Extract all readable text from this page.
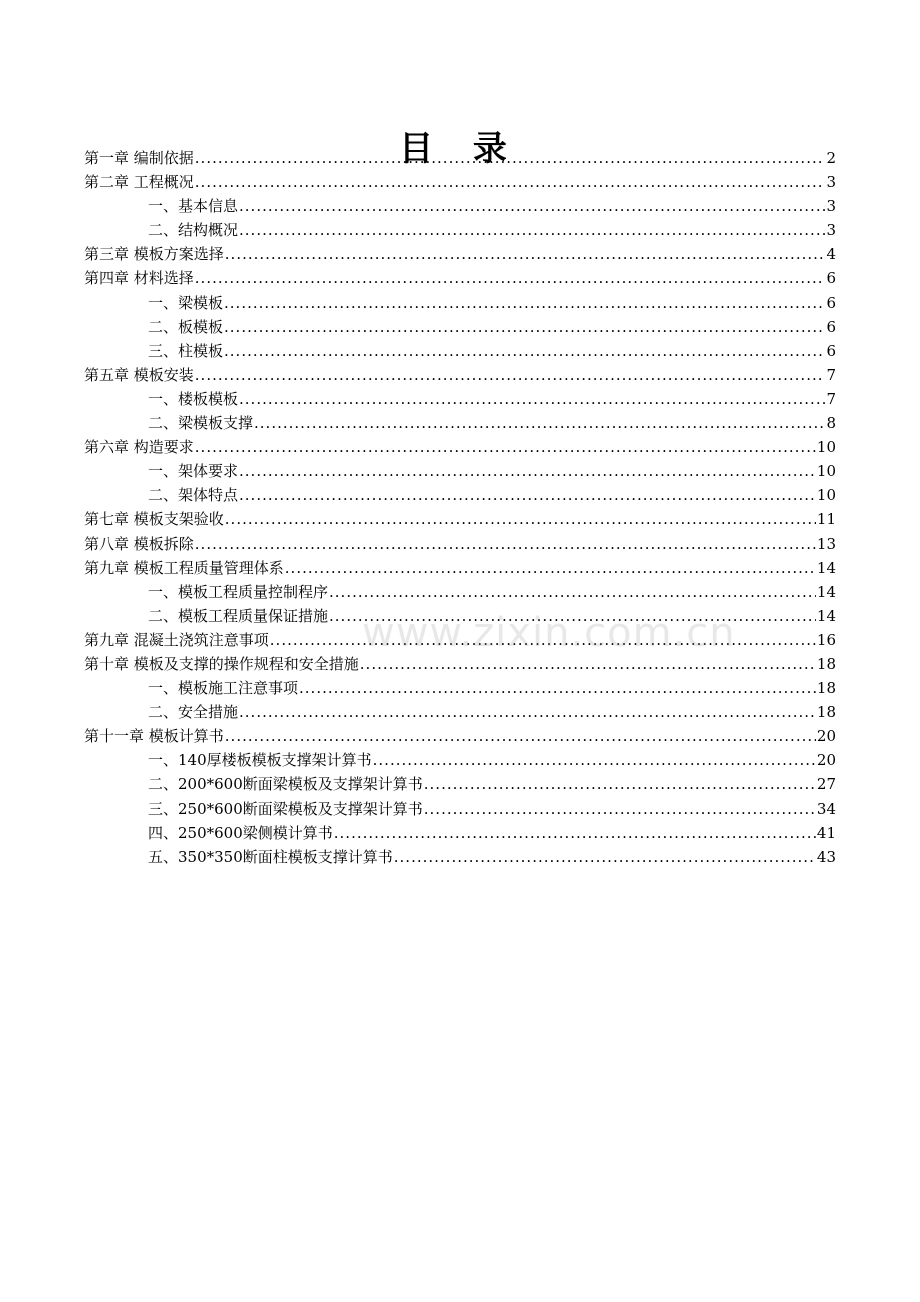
目 录
第一章 编制依据 .....	2
第二章 工程概况 .....	3
一、基本信息 .....	3
二、结构概况 .....	3
第三章 模板方案选择 .....	4
第四章 材料选择 .....	6
一、梁模板 .....	6
二、板模板 .....	6
三、柱模板 .....	6
第五章 模板安装 .....	7
一、楼板模板 .....	7
二、梁模板支撑 .....	8
第六章 构造要求 .....	10
一、架体要求 .....	10
二、架体特点 .....	10
第七章 模板支架验收 .....	11
第八章 模板拆除 .....	13
第九章 模板工程质量管理体系 .....	14
一、模板工程质量控制程序 .....	14
二、模板工程质量保证措施 .....	14
第九章 混凝土浇筑注意事项 .....	16
第十章 模板及支撑的操作规程和安全措施 .....	18
一、模板施工注意事项 .....	18
二、安全措施 .....	18
第十一章 模板计算书 .....	20
一、140厚楼板模板支撑架计算书 .....	20
二、200*600断面梁模板及支撑架计算书 .....	27
三、250*600断面梁模板及支撑架计算书 .....	34
四、250*600梁侧模计算书 .....	41
五、350*350断面柱模板支撑计算书 .....	43
www.zixin.com.cn
